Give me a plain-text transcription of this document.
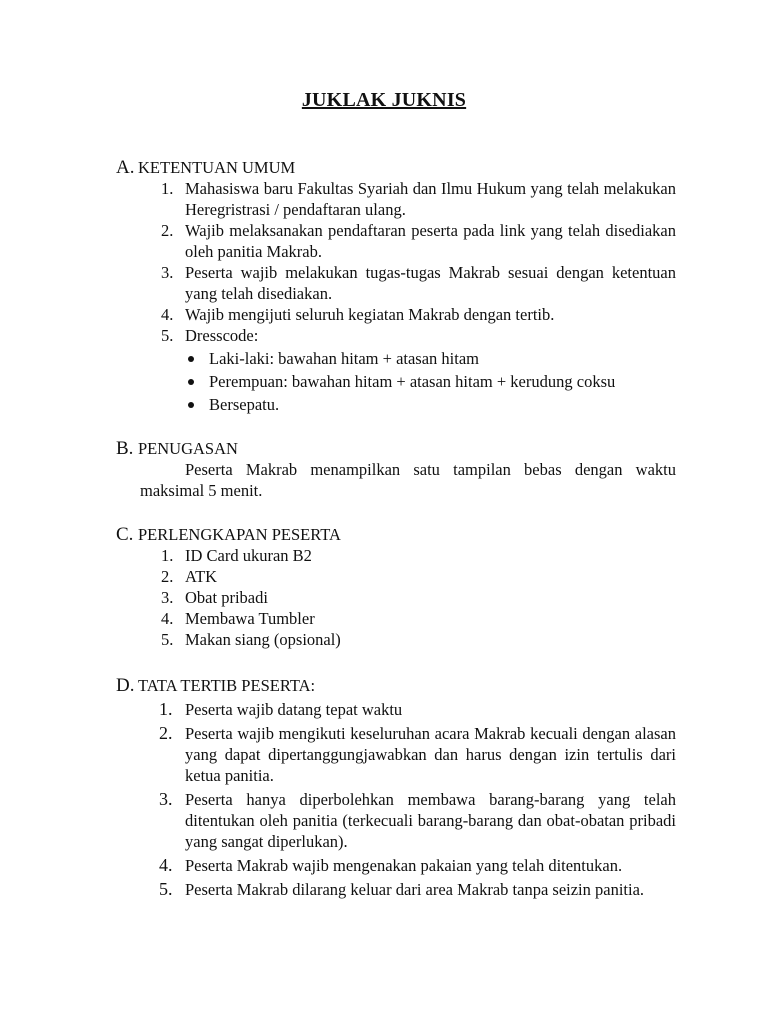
JUKLAK JUKNIS
A. KETENTUAN UMUM
1. Mahasiswa baru Fakultas Syariah dan Ilmu Hukum yang telah melakukan Heregristrasi / pendaftaran ulang.
2. Wajib melaksanakan pendaftaran peserta pada link yang telah disediakan oleh panitia Makrab.
3. Peserta wajib melakukan tugas-tugas Makrab sesuai dengan ketentuan yang telah disediakan.
4. Wajib mengijuti seluruh kegiatan Makrab dengan tertib.
5. Dresscode:
Laki-laki: bawahan hitam + atasan hitam
Perempuan: bawahan hitam + atasan hitam + kerudung coksu
Bersepatu.
B. PENUGASAN
Peserta Makrab menampilkan satu tampilan bebas dengan waktu maksimal 5 menit.
C. PERLENGKAPAN PESERTA
1. ID Card ukuran B2
2. ATK
3. Obat pribadi
4. Membawa Tumbler
5. Makan siang (opsional)
D. TATA TERTIB PESERTA:
1. Peserta wajib datang tepat waktu
2. Peserta wajib mengikuti keseluruhan acara Makrab kecuali dengan alasan yang dapat dipertanggungjawabkan dan harus dengan izin tertulis dari ketua panitia.
3. Peserta hanya diperbolehkan membawa barang-barang yang telah ditentukan oleh panitia (terkecuali barang-barang dan obat-obatan pribadi yang sangat diperlukan).
4. Peserta Makrab wajib mengenakan pakaian yang telah ditentukan.
5. Peserta Makrab dilarang keluar dari area Makrab tanpa seizin panitia.
